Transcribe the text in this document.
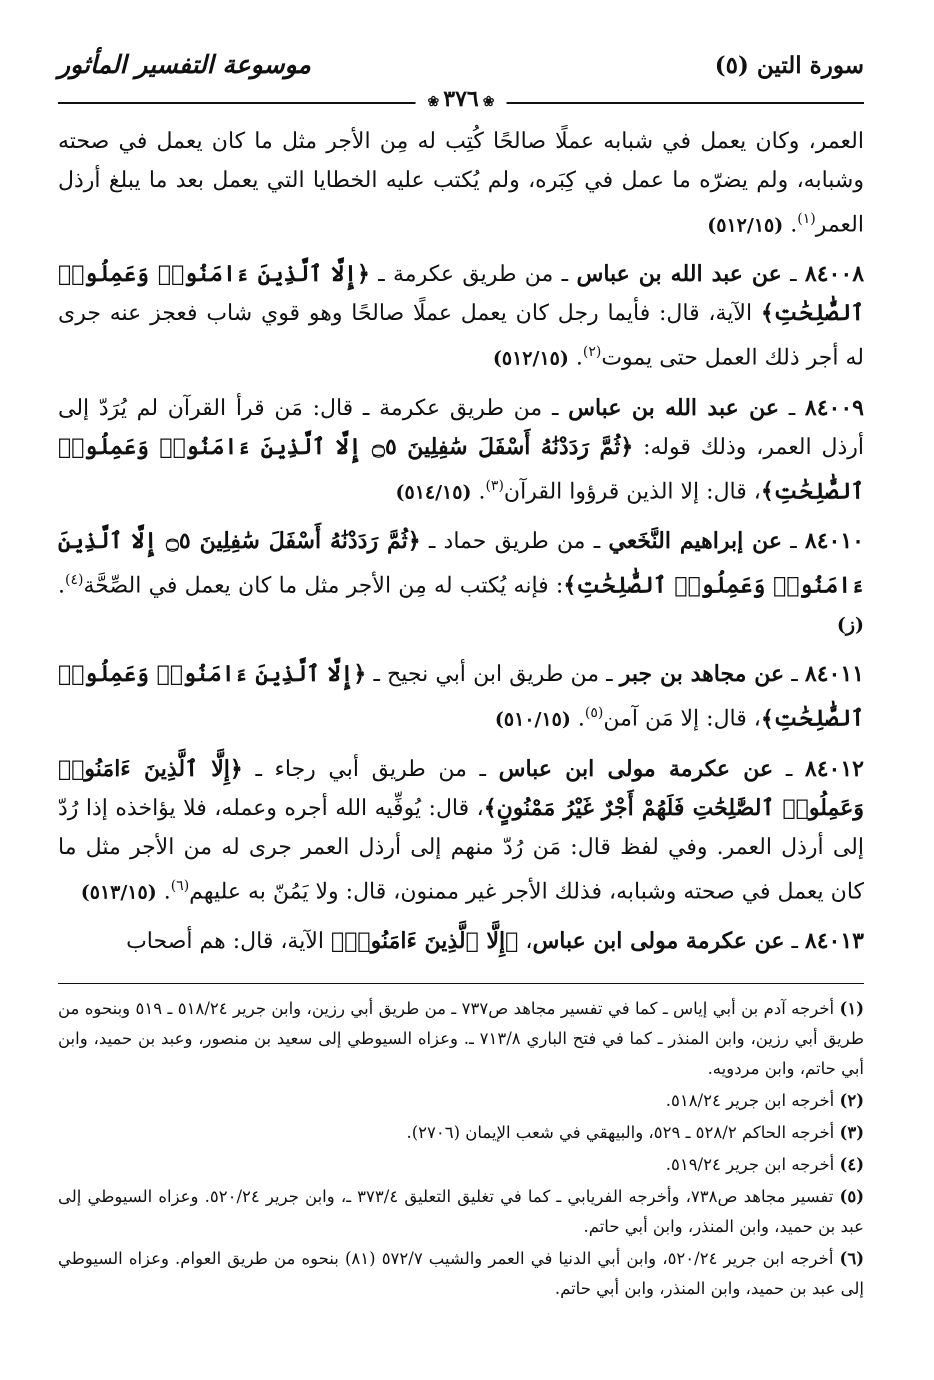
سورة التين (٥)
❀ ٣٧٦ ❀
موسوعة التفسير المأثور

العمر، وكان يعمل في شبابه عملًا صالحًا كُتِب له مِن الأجر مثل ما كان يعمل في صحته وشبابه، ولم يضرّه ما عمل في كِبَره، ولم يُكتب عليه الخطايا التي يعمل بعد ما يبلغ أرذل العمر$^{(١)}$. (٥١٢/١٥)

٨٤٠٠٨ ـ عن عبد الله بن عباس ـ من طريق عكرمة ـ ﴿ إِلَّا ٱلَّذِينَ ءَامَنُوا۟ وَعَمِلُوا۟ ٱلصَّٰلِحَٰتِ ﴾ الآية، قال: فأيما رجل كان يعمل عملًا صالحًا وهو قوي شاب فعجز عنه جرى له أجر ذلك العمل حتى يموت$^{(٢)}$. (٥١٢/١٥)

٨٤٠٠٩ ـ عن عبد الله بن عباس ـ من طريق عكرمة ـ قال: مَن قرأ القرآن لم يُرَدّ إلى أرذل العمر، وذلك قوله: ﴿ ثُمَّ رَدَدْنَٰهُ أَسْفَلَ سَٰفِلِينَ ۝٥ إِلَّا ٱلَّذِينَ ءَامَنُوا۟ وَعَمِلُوا۟ ٱلصَّٰلِحَٰتِ ﴾، قال: إلا الذين قرؤوا القرآن$^{(٣)}$. (٥١٤/١٥)

٨٤٠١٠ ـ عن إبراهيم النَّخَعي ـ من طريق حماد ـ ﴿ ثُمَّ رَدَدْنَٰهُ أَسْفَلَ سَٰفِلِينَ ۝٥ إِلَّا ٱلَّذِينَ ءَامَنُوا۟ وَعَمِلُوا۟ ٱلصَّٰلِحَٰتِ ﴾: فإنه يُكتب له مِن الأجر مثل ما كان يعمل في الصِّحَّة$^{(٤)}$. (ز)

٨٤٠١١ ـ عن مجاهد بن جبر ـ من طريق ابن أبي نجيح ـ ﴿ إِلَّا ٱلَّذِينَ ءَامَنُوا۟ وَعَمِلُوا۟ ٱلصَّٰلِحَٰتِ ﴾، قال: إلا مَن آمن$^{(٥)}$. (٥١٠/١٥)

٨٤٠١٢ ـ عن عكرمة مولى ابن عباس ـ من طريق أبي رجاء ـ ﴿ إِلَّا ٱلَّذِينَ ءَامَنُوا۟ وَعَمِلُوا۟ ٱلصَّٰلِحَٰتِ فَلَهُمْ أَجْرٌ غَيْرُ مَمْنُونٍ ﴾، قال: يُوفِّيه الله أجره وعمله، فلا يؤاخذه إذا رُدّ إلى أرذل العمر. وفي لفظ قال: مَن رُدّ منهم إلى أرذل العمر جرى له من الأجر مثل ما كان يعمل في صحته وشبابه، فذلك الأجر غير ممنون، قال: ولا يَمُنّ به عليهم$^{(٦)}$. (٥١٣/١٥)

٨٤٠١٣ ـ عن عكرمة مولى ابن عباس، ﴿ إِلَّا ٱلَّذِينَ ءَامَنُوا۟ ﴾ الآية، قال: هم أصحاب

(١) أخرجه آدم بن أبي إياس ـ كما في تفسير مجاهد ص٧٣٧ ـ من طريق أبي رزين، وابن جرير ٥١٨/٢٤ ـ ٥١٩ وبنحوه من طريق أبي رزين، وابن المنذر ـ كما في فتح الباري ٧١٣/٨ ـ. وعزاه السيوطي إلى سعيد بن منصور، وعبد بن حميد، وابن أبي حاتم، وابن مردويه.

(٢) أخرجه ابن جرير ٥١٨/٢٤.

(٣) أخرجه الحاكم ٥٢٨/٢ ـ ٥٢٩، والبيهقي في شعب الإيمان (٢٧٠٦).

(٤) أخرجه ابن جرير ٥١٩/٢٤.

(٥) تفسير مجاهد ص٧٣٨، وأخرجه الفريابي ـ كما في تغليق التعليق ٣٧٣/٤ ـ، وابن جرير ٥٢٠/٢٤. وعزاه السيوطي إلى عبد بن حميد، وابن المنذر، وابن أبي حاتم.

(٦) أخرجه ابن جرير ٥٢٠/٢٤، وابن أبي الدنيا في العمر والشيب ٥٧٢/٧ (٨١) بنحوه من طريق العوام. وعزاه السيوطي إلى عبد بن حميد، وابن المنذر، وابن أبي حاتم.
